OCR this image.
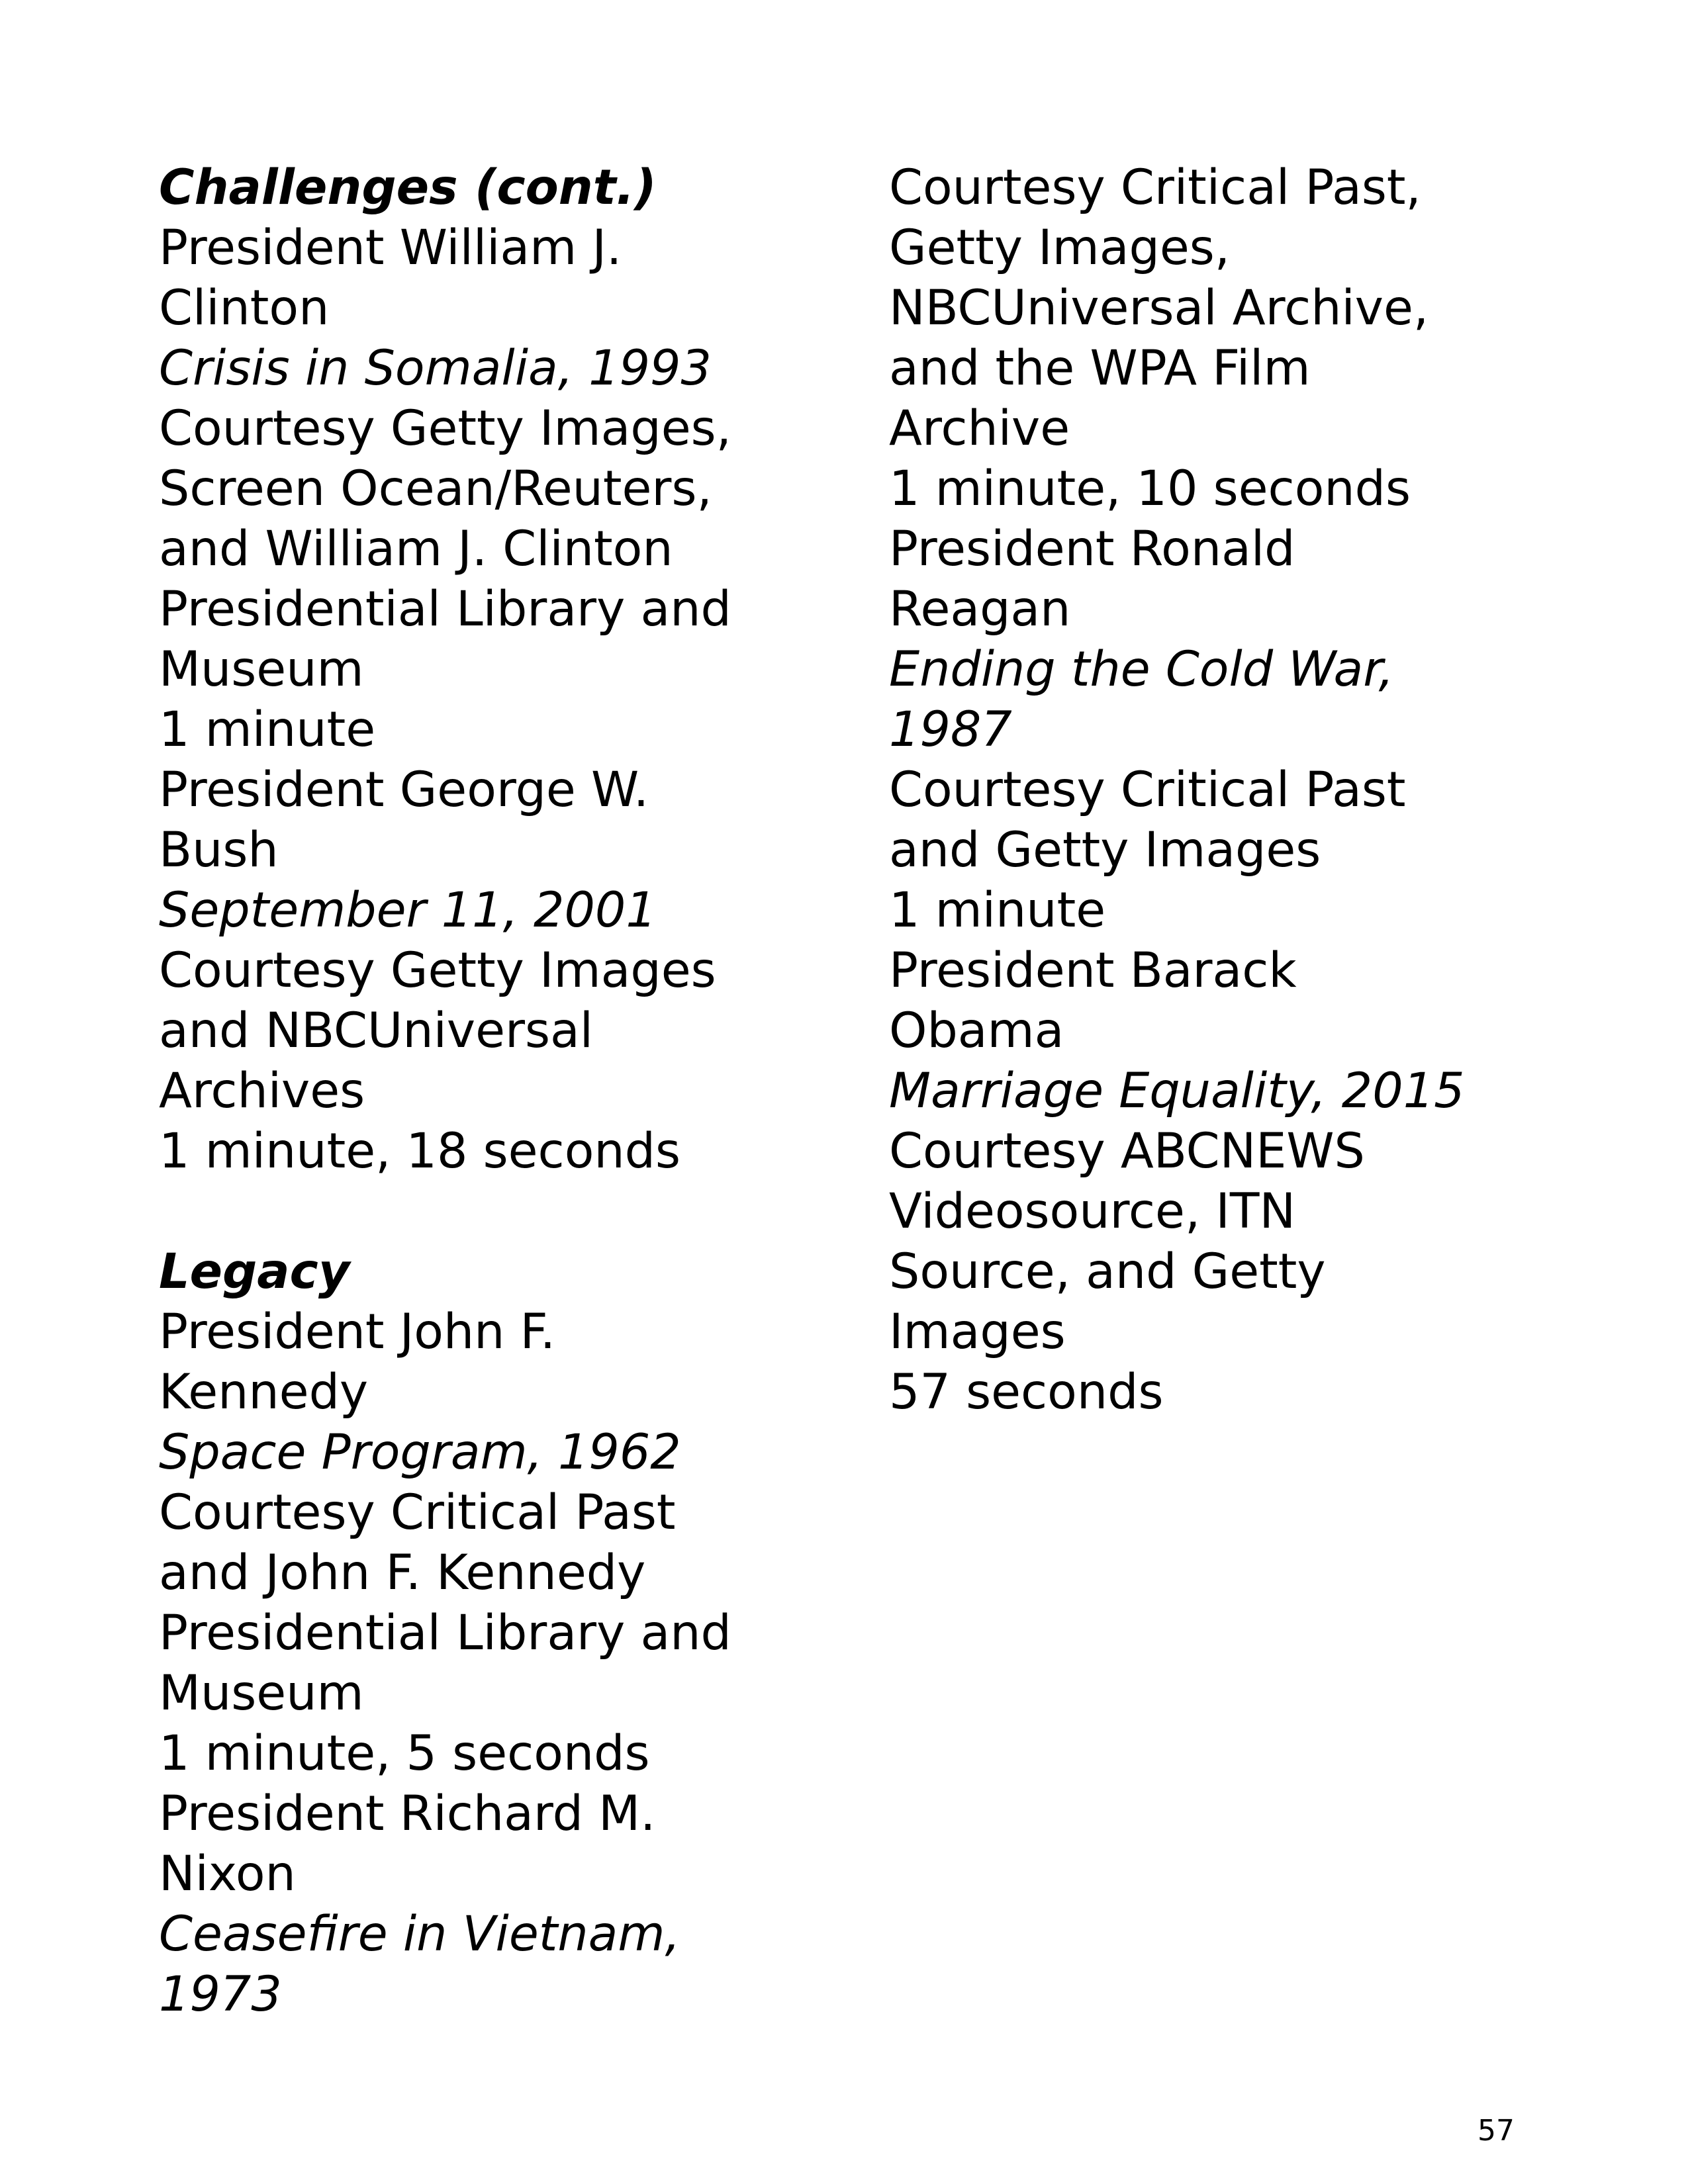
Challenges (cont.)
President William J.
Clinton
Crisis in Somalia, 1993
Courtesy Getty Images,
Screen Ocean/Reuters,
and William J. Clinton
Presidential Library and
Museum
1 minute
President George W.
Bush
September 11, 2001
Courtesy Getty Images
and NBCUniversal
Archives
1 minute, 18 seconds
Legacy
President John F.
Kennedy
Space Program, 1962
Courtesy Critical Past
and John F. Kennedy
Presidential Library and
Museum
1 minute, 5 seconds
President Richard M.
Nixon
Ceasefire in Vietnam,
1973
Courtesy Critical Past,
Getty Images,
NBCUniversal Archive,
and the WPA Film
Archive
1 minute, 10 seconds
President Ronald
Reagan
Ending the Cold War,
1987
Courtesy Critical Past
and Getty Images
1 minute
President Barack
Obama
Marriage Equality, 2015
Courtesy ABCNEWS
Videosource, ITN
Source, and Getty
Images
57 seconds
57
